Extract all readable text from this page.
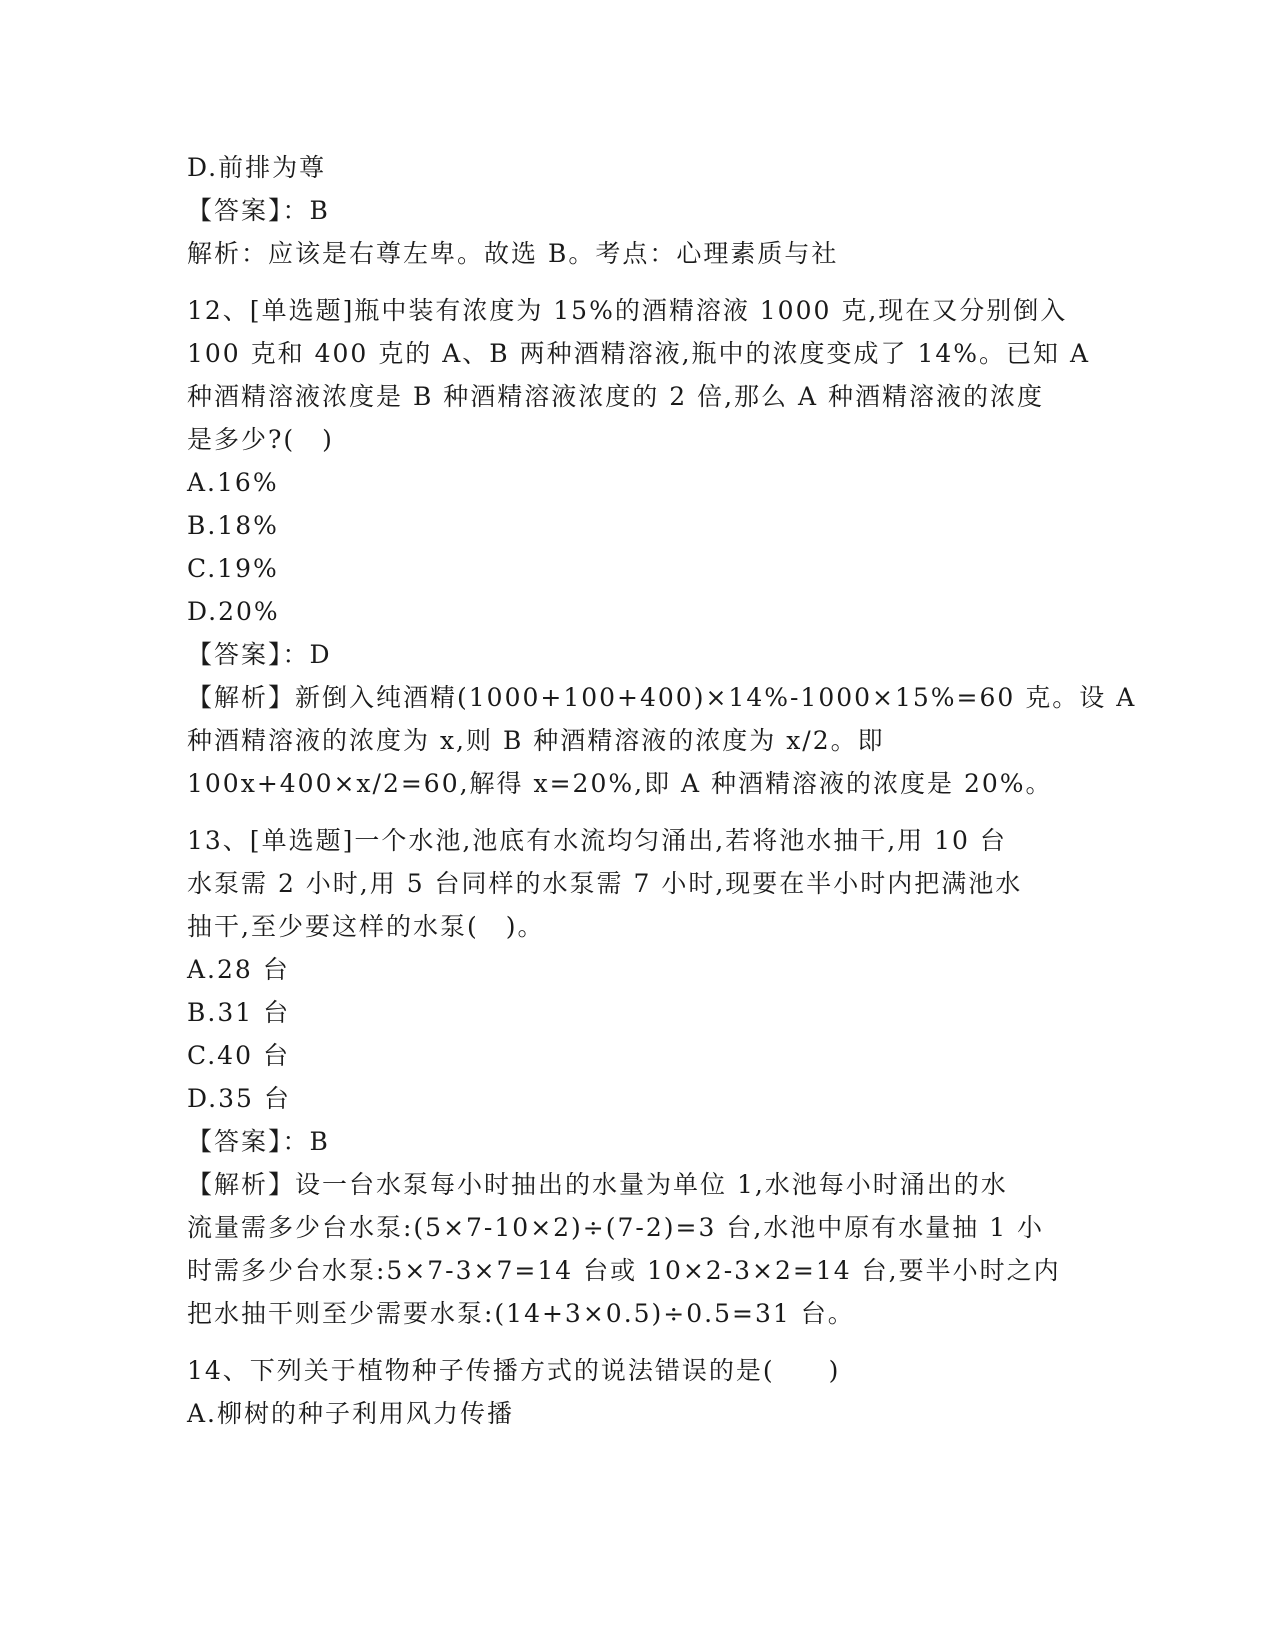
D.前排为尊
【答案】：B
解析：应该是右尊左卑。故选 B。考点：心理素质与社
12、[单选题]瓶中装有浓度为 15%的酒精溶液 1000 克,现在又分别倒入
100 克和 400 克的 A、B 两种酒精溶液,瓶中的浓度变成了 14%。已知 A
种酒精溶液浓度是 B 种酒精溶液浓度的 2 倍,那么 A 种酒精溶液的浓度
是多少?(　)
A.16%
B.18%
C.19%
D.20%
【答案】：D
【解析】新倒入纯酒精(1000+100+400)×14%-1000×15%=60 克。设 A
种酒精溶液的浓度为 x,则 B 种酒精溶液的浓度为 x/2。即
100x+400×x/2=60,解得 x=20%,即 A 种酒精溶液的浓度是 20%。
13、[单选题]一个水池,池底有水流均匀涌出,若将池水抽干,用 10 台
水泵需 2 小时,用 5 台同样的水泵需 7 小时,现要在半小时内把满池水
抽干,至少要这样的水泵(　)。
A.28 台
B.31 台
C.40 台
D.35 台
【答案】：B
【解析】设一台水泵每小时抽出的水量为单位 1,水池每小时涌出的水
流量需多少台水泵:(5×7-10×2)÷(7-2)=3 台,水池中原有水量抽 1 小
时需多少台水泵:5×7-3×7=14 台或 10×2-3×2=14 台,要半小时之内
把水抽干则至少需要水泵:(14+3×0.5)÷0.5=31 台。
14、下列关于植物种子传播方式的说法错误的是(　　)
A.柳树的种子利用风力传播
